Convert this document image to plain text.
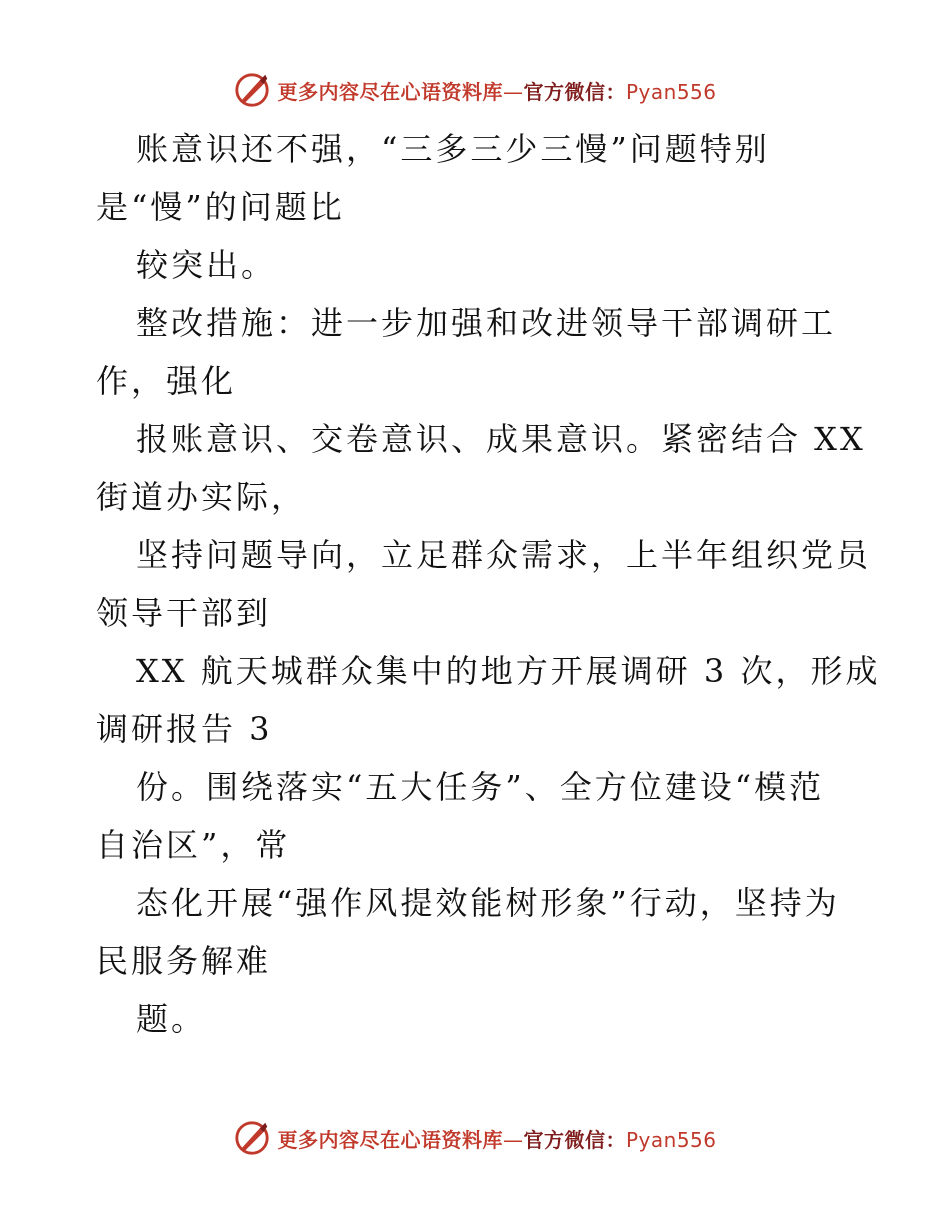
更多内容尽在心语资料库—官方微信：Pyan556
账意识还不强，“三多三少三慢”问题特别
是“慢”的问题比
较突出。
整改措施：进一步加强和改进领导干部调研工
作，强化
报账意识、交卷意识、成果意识。紧密结合 XX
街道办实际，
坚持问题导向，立足群众需求，上半年组织党员
领导干部到
XX 航天城群众集中的地方开展调研 3 次，形成
调研报告 3
份。围绕落实“五大任务”、全方位建设“模范
自治区”，常
态化开展“强作风提效能树形象”行动，坚持为
民服务解难
题。
更多内容尽在心语资料库—官方微信：Pyan556
